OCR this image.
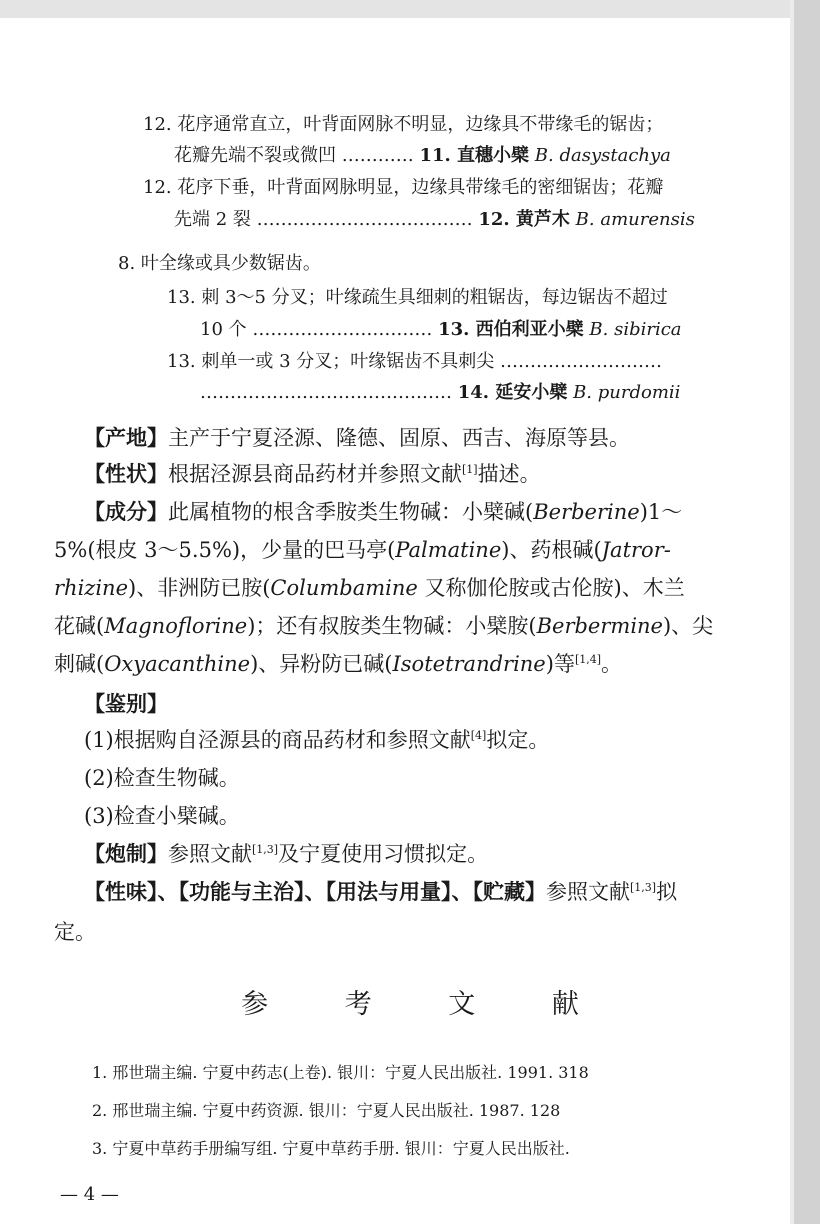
12. 花序通常直立，叶背面网脉不明显，边缘具不带缘毛的锯齿；
花瓣先端不裂或微凹 ………… 11. 直穗小檗 B. dasystachya
12. 花序下垂，叶背面网脉明显，边缘具带缘毛的密细锯齿；花瓣
先端 2 裂 ……………………………… 12. 黄芦木 B. amurensis
8. 叶全缘或具少数锯齿。
13. 刺 3～5 分叉；叶缘疏生具细刺的粗锯齿，每边锯齿不超过
10 个 ………………………… 13. 西伯利亚小檗 B. sibirica
13. 刺单一或 3 分叉；叶缘锯齿不具刺尖 ………………………
…………………………………… 14. 延安小檗 B. purdomii
【产地】主产于宁夏泾源、隆德、固原、西吉、海原等县。
【性状】根据泾源县商品药材并参照文献[1]描述。
【成分】此属植物的根含季胺类生物碱：小檗碱(Berberine)1～
5%(根皮 3～5.5%)，少量的巴马亭(Palmatine)、药根碱(Jatror-
rhizine)、非洲防已胺(Columbamine 又称伽伦胺或古伦胺)、木兰
花碱(Magnoflorine)；还有叔胺类生物碱：小檗胺(Berbermine)、尖
刺碱(Oxyacanthine)、异粉防已碱(Isotetrandrine)等[1,4]。
【鉴别】
(1)根据购自泾源县的商品药材和参照文献[4]拟定。
(2)检查生物碱。
(3)检查小檗碱。
【炮制】参照文献[1,3]及宁夏使用习惯拟定。
【性味】、【功能与主治】、【用法与用量】、【贮藏】参照文献[1,3]拟
定。
参 考 文 献
1. 邢世瑞主编. 宁夏中药志(上卷). 银川：宁夏人民出版社. 1991. 318
2. 邢世瑞主编. 宁夏中药资源. 银川：宁夏人民出版社. 1987. 128
3. 宁夏中草药手册编写组. 宁夏中草药手册. 银川：宁夏人民出版社.
— 4 —
